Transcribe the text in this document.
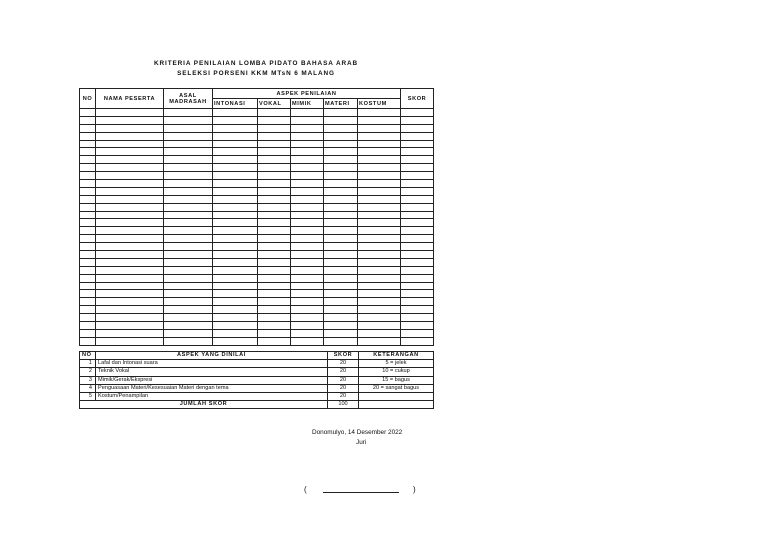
KRITERIA PENILAIAN LOMBA PIDATO BAHASA ARAB
SELEKSI PORSENI KKM MTsN 6 MALANG
NO	NAMA PESERTA	ASAL MADRASAH	ASPEK PENILAIAN					SKOR
			INTONASI	VOKAL	MIMIK	MATERI	KOSTUM	

NO	ASPEK YANG DINILAI	SKOR	KETERANGAN
1	Lafal dan Intonasi suara	20	5 = jelek
2	Teknik Vokal	20	10 = cukup
3	Mimik/Gerak/Ekspresi	20	15 = bagus
4	Penguasaan Materi/Kesesuaian Materi dengan tema	20	20 = sangat bagus
5	Kostum/Penampilan	20	
JUMLAH SKOR		100	
Donomulyo, 14 Desember 2022
Juri
(	)
